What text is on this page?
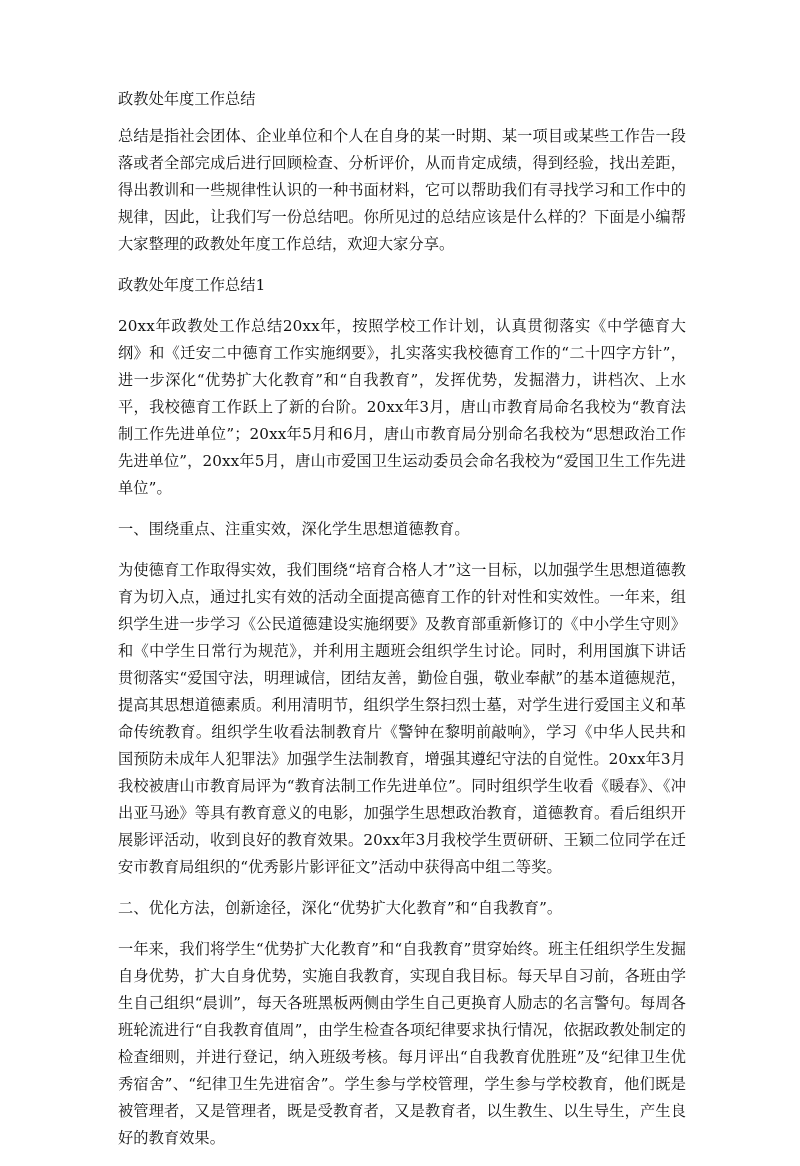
政教处年度工作总结
总结是指社会团体、企业单位和个人在自身的某一时期、某一项目或某些工作告一段落或者全部完成后进行回顾检查、分析评价，从而肯定成绩，得到经验，找出差距，得出教训和一些规律性认识的一种书面材料，它可以帮助我们有寻找学习和工作中的规律，因此，让我们写一份总结吧。你所见过的总结应该是什么样的？下面是小编帮大家整理的政教处年度工作总结，欢迎大家分享。
政教处年度工作总结1
20xx年政教处工作总结20xx年，按照学校工作计划，认真贯彻落实《中学德育大纲》和《迁安二中德育工作实施纲要》，扎实落实我校德育工作的“二十四字方针”，进一步深化“优势扩大化教育”和“自我教育”，发挥优势，发掘潜力，讲档次、上水平，我校德育工作跃上了新的台阶。20xx年3月，唐山市教育局命名我校为“教育法制工作先进单位”；20xx年5月和6月，唐山市教育局分别命名我校为“思想政治工作先进单位”，20xx年5月，唐山市爱国卫生运动委员会命名我校为“爱国卫生工作先进单位”。
一、围绕重点、注重实效，深化学生思想道德教育。
为使德育工作取得实效，我们围绕“培育合格人才”这一目标，以加强学生思想道德教育为切入点，通过扎实有效的活动全面提高德育工作的针对性和实效性。一年来，组织学生进一步学习《公民道德建设实施纲要》及教育部重新修订的《中小学生守则》和《中学生日常行为规范》，并利用主题班会组织学生讨论。同时，利用国旗下讲话贯彻落实“爱国守法，明理诚信，团结友善，勤俭自强，敬业奉献”的基本道德规范，提高其思想道德素质。利用清明节，组织学生祭扫烈士墓，对学生进行爱国主义和革命传统教育。组织学生收看法制教育片《警钟在黎明前敲响》，学习《中华人民共和国预防未成年人犯罪法》加强学生法制教育，增强其遵纪守法的自觉性。20xx年3月我校被唐山市教育局评为“教育法制工作先进单位”。同时组织学生收看《暖春》、《冲出亚马逊》等具有教育意义的电影，加强学生思想政治教育，道德教育。看后组织开展影评活动，收到良好的教育效果。20xx年3月我校学生贾研研、王颖二位同学在迁安市教育局组织的“优秀影片影评征文”活动中获得高中组二等奖。
二、优化方法，创新途径，深化“优势扩大化教育”和“自我教育”。
一年来，我们将学生“优势扩大化教育”和“自我教育”贯穿始终。班主任组织学生发掘自身优势，扩大自身优势，实施自我教育，实现自我目标。每天早自习前，各班由学生自己组织“晨训”，每天各班黑板两侧由学生自己更换育人励志的名言警句。每周各班轮流进行“自我教育值周”，由学生检查各项纪律要求执行情况，依据政教处制定的检查细则，并进行登记，纳入班级考核。每月评出“自我教育优胜班”及“纪律卫生优秀宿舍”、“纪律卫生先进宿舍”。学生参与学校管理，学生参与学校教育，他们既是被管理者，又是管理者，既是受教育者，又是教育者，以生教生、以生导生，产生良好的教育效果。
